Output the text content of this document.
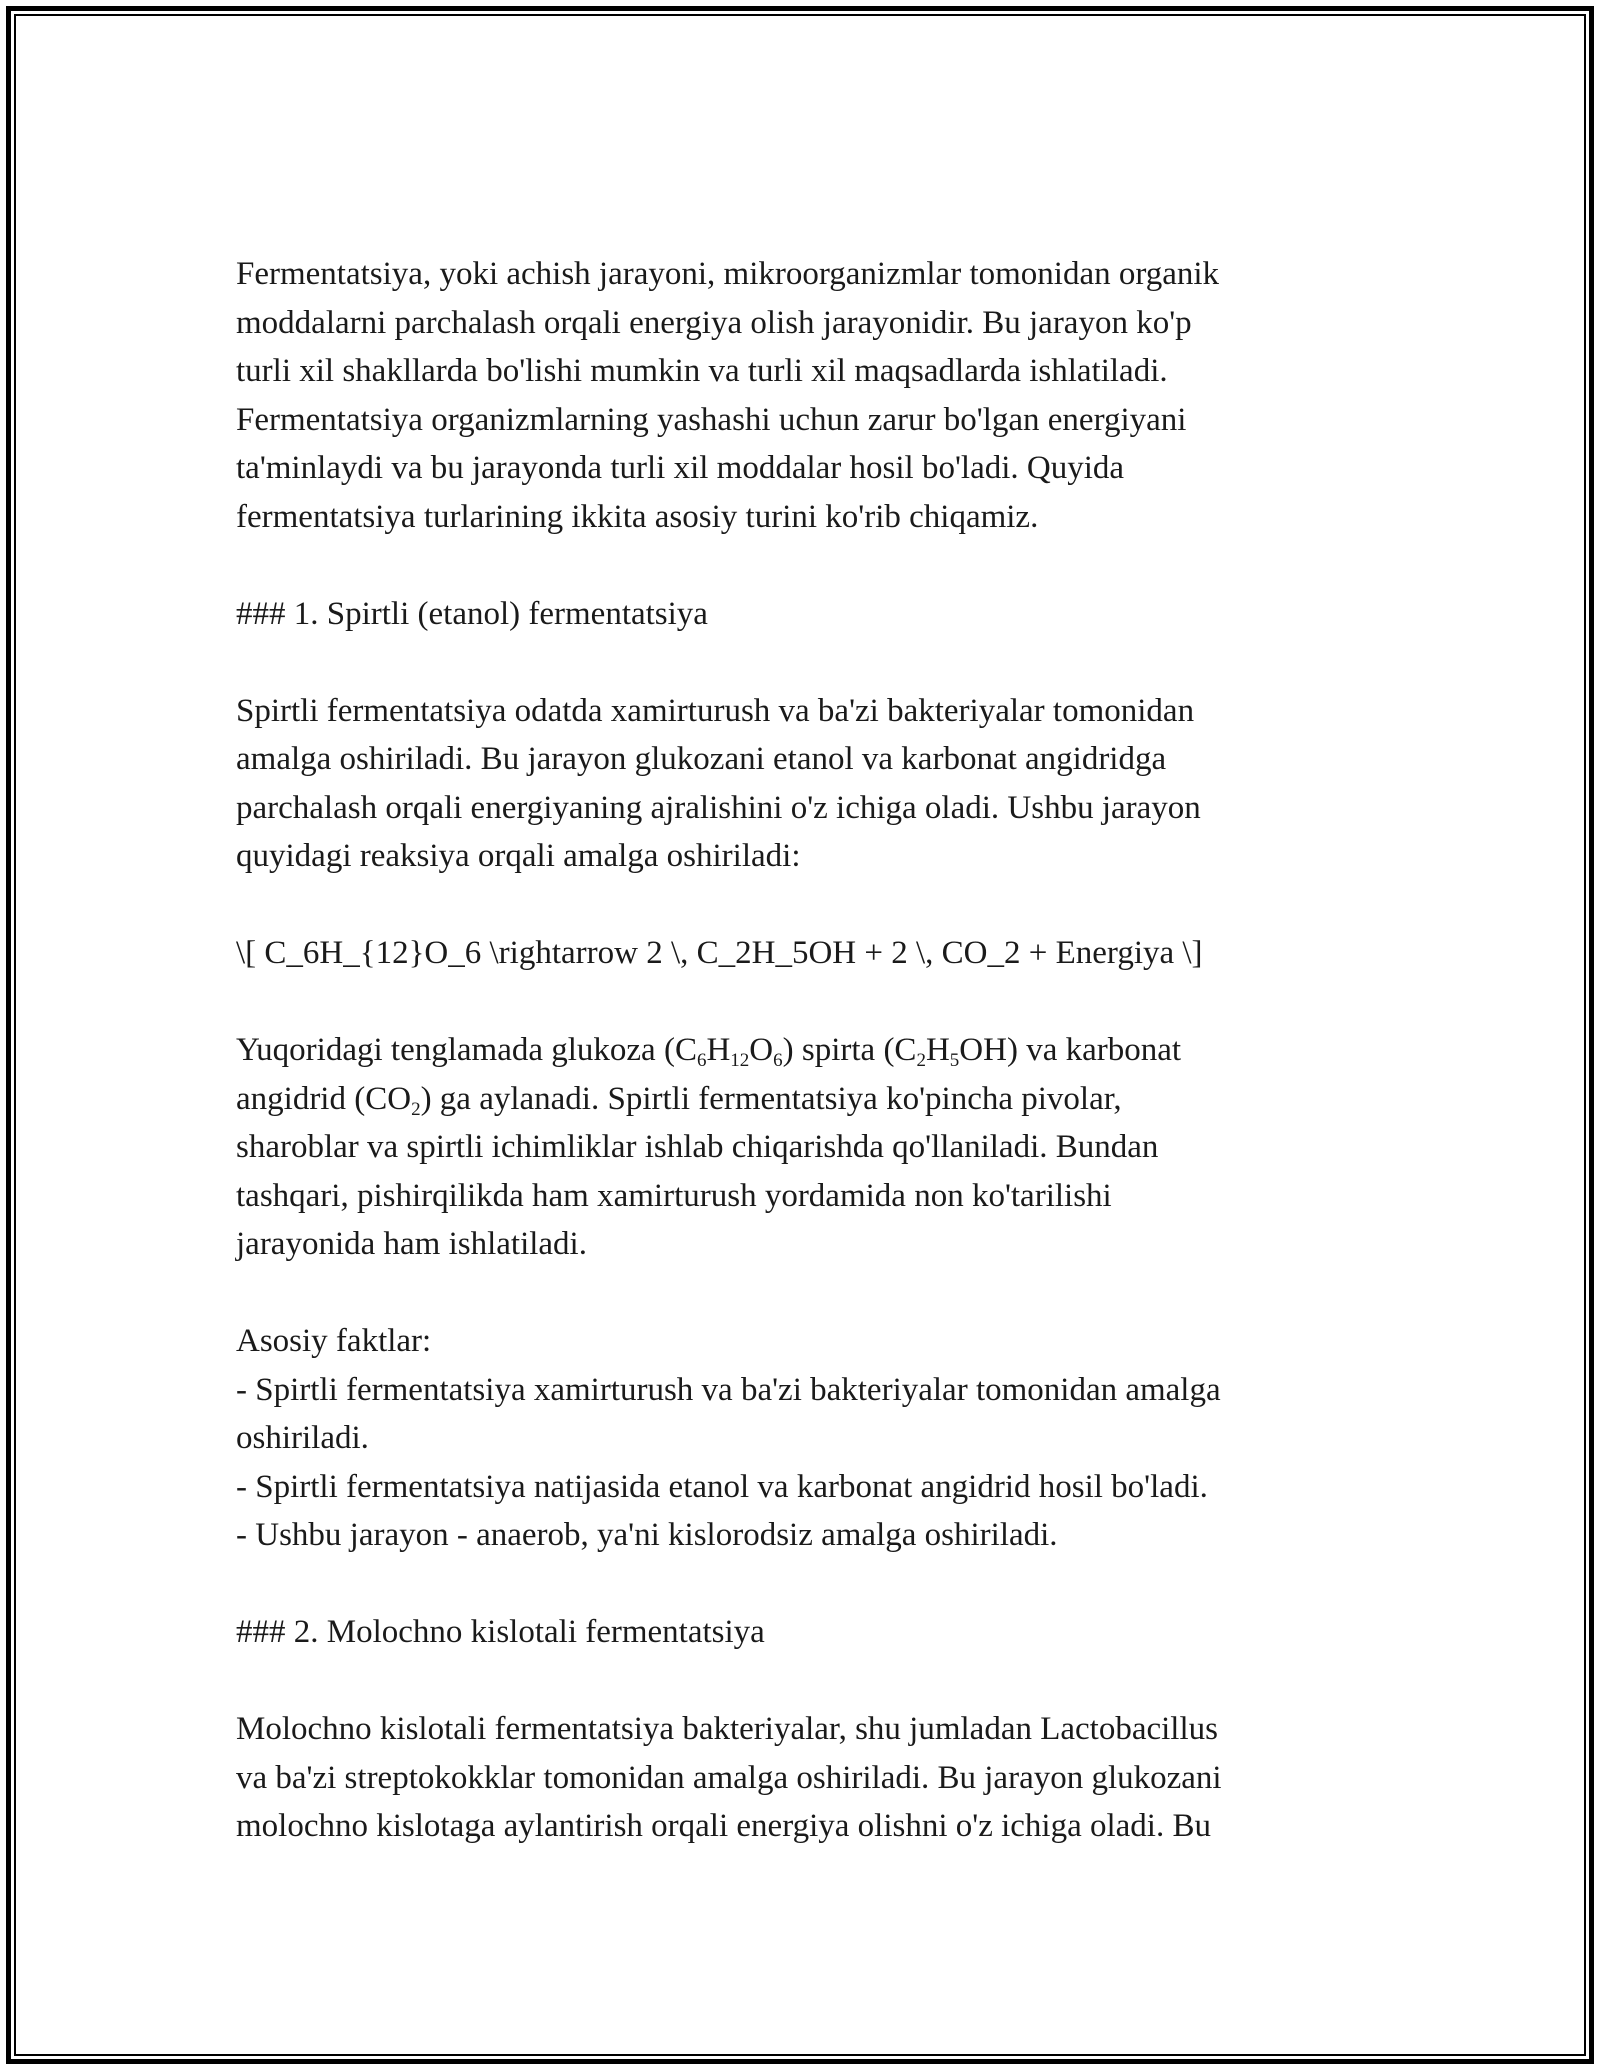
Fermentatsiya, yoki achish jarayoni, mikroorganizmlar tomonidan organik
moddalarni parchalash orqali energiya olish jarayonidir. Bu jarayon ko'p
turli xil shakllarda bo'lishi mumkin va turli xil maqsadlarda ishlatiladi.
Fermentatsiya organizmlarning yashashi uchun zarur bo'lgan energiyani
ta'minlaydi va bu jarayonda turli xil moddalar hosil bo'ladi. Quyida
fermentatsiya turlarining ikkita asosiy turini ko'rib chiqamiz.
### 1. Spirtli (etanol) fermentatsiya
Spirtli fermentatsiya odatda xamirturush va ba'zi bakteriyalar tomonidan
amalga oshiriladi. Bu jarayon glukozani etanol va karbonat angidridga
parchalash orqali energiyaning ajralishini o'z ichiga oladi. Ushbu jarayon
quyidagi reaksiya orqali amalga oshiriladi:
\[ C_6H_{12}O_6 \rightarrow 2 \, C_2H_5OH + 2 \, CO_2 + Energiya \]
Yuqoridagi tenglamada glukoza $(C_6H_{12}O_6)$ spirta $(C_2H_5OH)$ va karbonat
angidrid $(CO_2)$ ga aylanadi. Spirtli fermentatsiya ko'pincha pivolar,
sharoblar va spirtli ichimliklar ishlab chiqarishda qo'llaniladi. Bundan
tashqari, pishirqilikda ham xamirturush yordamida non ko'tarilishi
jarayonida ham ishlatiladi.
Asosiy faktlar:
- Spirtli fermentatsiya xamirturush va ba'zi bakteriyalar tomonidan amalga
oshiriladi.
- Spirtli fermentatsiya natijasida etanol va karbonat angidrid hosil bo'ladi.
- Ushbu jarayon - anaerob, ya'ni kislorodsiz amalga oshiriladi.
### 2. Molochno kislotali fermentatsiya
Molochno kislotali fermentatsiya bakteriyalar, shu jumladan Lactobacillus
va ba'zi streptokokklar tomonidan amalga oshiriladi. Bu jarayon glukozani
molochno kislotaga aylantirish orqali energiya olishni o'z ichiga oladi. Bu
